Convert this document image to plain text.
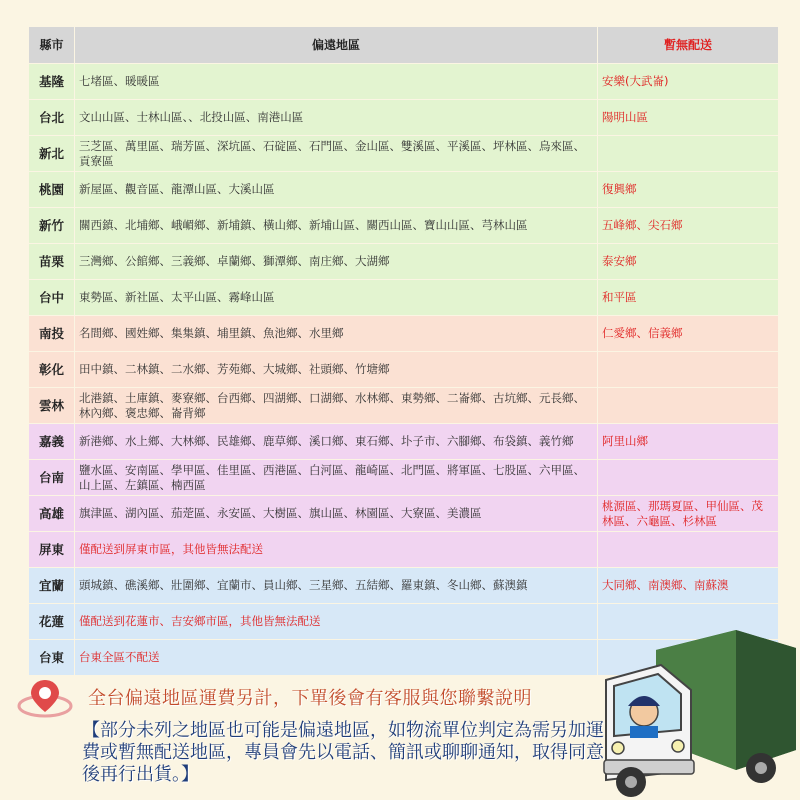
縣市	偏遠地區	暫無配送
基隆	七堵區、暖暖區	安樂(大武崙)
台北	文山山區、士林山區、、北投山區、南港山區	陽明山區
新北	三芝區、萬里區、瑞芳區、深坑區、石碇區、石門區、金山區、雙溪區、平溪區、坪林區、烏來區、貢寮區	
桃園	新屋區、觀音區、龍潭山區、大溪山區	復興鄉
新竹	關西鎮、北埔鄉、峨嵋鄉、新埔鎮、橫山鄉、新埔山區、關西山區、寶山山區、芎林山區	五峰鄉、尖石鄉
苗栗	三灣鄉、公館鄉、三義鄉、卓蘭鄉、獅潭鄉、南庄鄉、大湖鄉	泰安鄉
台中	東勢區、新社區、太平山區、霧峰山區	和平區
南投	名間鄉、國姓鄉、集集鎮、埔里鎮、魚池鄉、水里鄉	仁愛鄉、信義鄉
彰化	田中鎮、二林鎮、二水鄉、芳苑鄉、大城鄉、社頭鄉、竹塘鄉	
雲林	北港鎮、土庫鎮、麥寮鄉、台西鄉、四湖鄉、口湖鄉、水林鄉、東勢鄉、二崙鄉、古坑鄉、元長鄉、林內鄉、褒忠鄉、崙背鄉	
嘉義	新港鄉、水上鄉、大林鄉、民雄鄉、鹿草鄉、溪口鄉、東石鄉、圤子市、六腳鄉、布袋鎮、義竹鄉	阿里山鄉
台南	鹽水區、安南區、學甲區、佳里區、西港區、白河區、龍崎區、北門區、將軍區、七股區、六甲區、山上區、左鎮區、楠西區	
高雄	旗津區、湖內區、茄萣區、永安區、大樹區、旗山區、林園區、大寮區、美濃區	桃源區、那瑪夏區、甲仙區、茂林區、六龜區、杉林區
屏東	僅配送到屏東市區，其他皆無法配送	
宜蘭	頭城鎮、礁溪鄉、壯圍鄉、宜蘭市、員山鄉、三星鄉、五結鄉、羅東鎮、冬山鄉、蘇澳鎮	大同鄉、南澳鄉、南蘇澳
花蓮	僅配送到花蓮市、吉安鄉市區，其他皆無法配送	
台東	台東全區不配送	
全台偏遠地區運費另計，下單後會有客服與您聯繫說明
【部分未列之地區也可能是偏遠地區，如物流單位判定為需另加運費或暫無配送地區，專員會先以電話、簡訊或聊聊通知，取得同意後再行出貨。】
